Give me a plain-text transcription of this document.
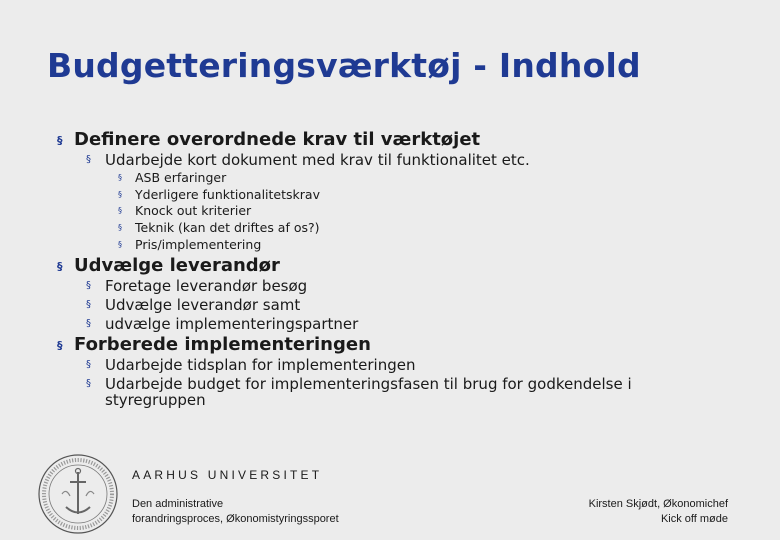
Budgetteringsværktøj - Indhold
§ Definere overordnede krav til værktøjet
§ Udarbejde kort dokument med krav til funktionalitet etc.
§ ASB erfaringer
§ Yderligere funktionalitetskrav
§ Knock out kriterier
§ Teknik (kan det driftes af os?)
§ Pris/implementering
§ Udvælge leverandør
§ Foretage leverandør besøg
§ Udvælge leverandør samt
§ udvælge implementeringspartner
§ Forberede implementeringen
§ Udarbejde tidsplan for implementeringen
§ Udarbejde budget for implementeringsfasen til brug for godkendelse i
styregruppen
AARHUS UNIVERSITET
Den administrative
forandringsproces, Økonomistyringssporet
Kirsten Skjødt, Økonomichef
Kick off møde
